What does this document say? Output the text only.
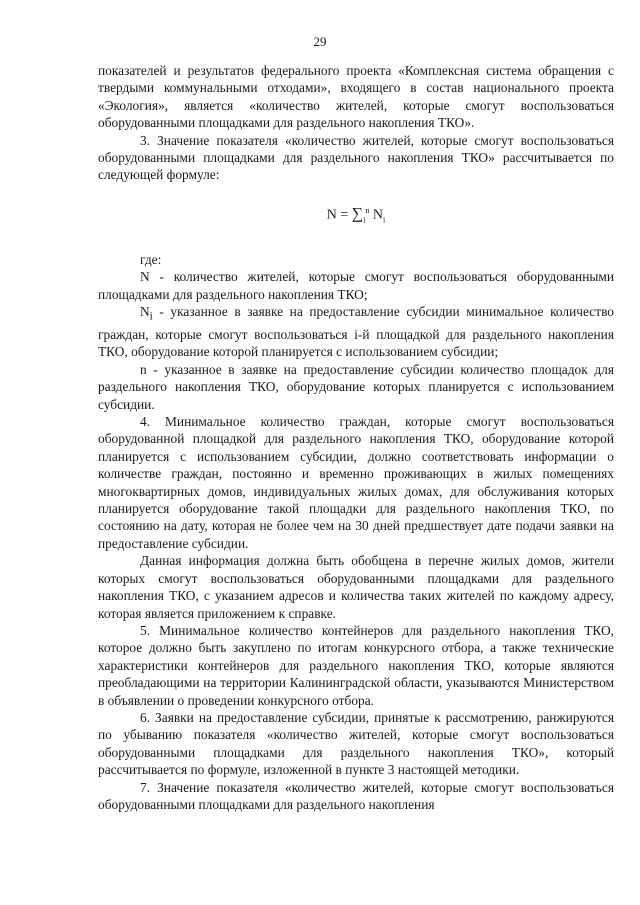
29

показателей и результатов федерального проекта «Комплексная система обращения с твердыми коммунальными отходами», входящего в состав национального проекта «Экология», является «количество жителей, которые смогут воспользоваться оборудованными площадками для раздельного накопления ТКО».

3. Значение показателя «количество жителей, которые смогут воспользоваться оборудованными площадками для раздельного накопления ТКО» рассчитывается по следующей формуле:

$N = \sum_i^n$ $N_i$

где:

N - количество жителей, которые смогут воспользоваться оборудованными площадками для раздельного накопления ТКО;

$N_i$ - указанное в заявке на предоставление субсидии минимальное количество граждан, которые смогут воспользоваться i-й площадкой для раздельного накопления ТКО, оборудование которой планируется с использованием субсидии;

n - указанное в заявке на предоставление субсидии количество площадок для раздельного накопления ТКО, оборудование которых планируется с использованием субсидии.

4. Минимальное количество граждан, которые смогут воспользоваться оборудованной площадкой для раздельного накопления ТКО, оборудование которой планируется с использованием субсидии, должно соответствовать информации о количестве граждан, постоянно и временно проживающих в жилых помещениях многоквартирных домов, индивидуальных жилых домах, для обслуживания которых планируется оборудование такой площадки для раздельного накопления ТКО, по состоянию на дату, которая не более чем на 30 дней предшествует дате подачи заявки на предоставление субсидии.

Данная информация должна быть обобщена в перечне жилых домов, жители которых смогут воспользоваться оборудованными площадками для раздельного накопления ТКО, с указанием адресов и количества таких жителей по каждому адресу, которая является приложением к справке.

5. Минимальное количество контейнеров для раздельного накопления ТКО, которое должно быть закуплено по итогам конкурсного отбора, а также технические характеристики контейнеров для раздельного накопления ТКО, которые являются преобладающими на территории Калининградской области, указываются Министерством в объявлении о проведении конкурсного отбора.

6. Заявки на предоставление субсидии, принятые к рассмотрению, ранжируются по убыванию показателя «количество жителей, которые смогут воспользоваться оборудованными площадками для раздельного накопления ТКО», который рассчитывается по формуле, изложенной в пункте 3 настоящей методики.

7. Значение показателя «количество жителей, которые смогут воспользоваться оборудованными площадками для раздельного накопления
